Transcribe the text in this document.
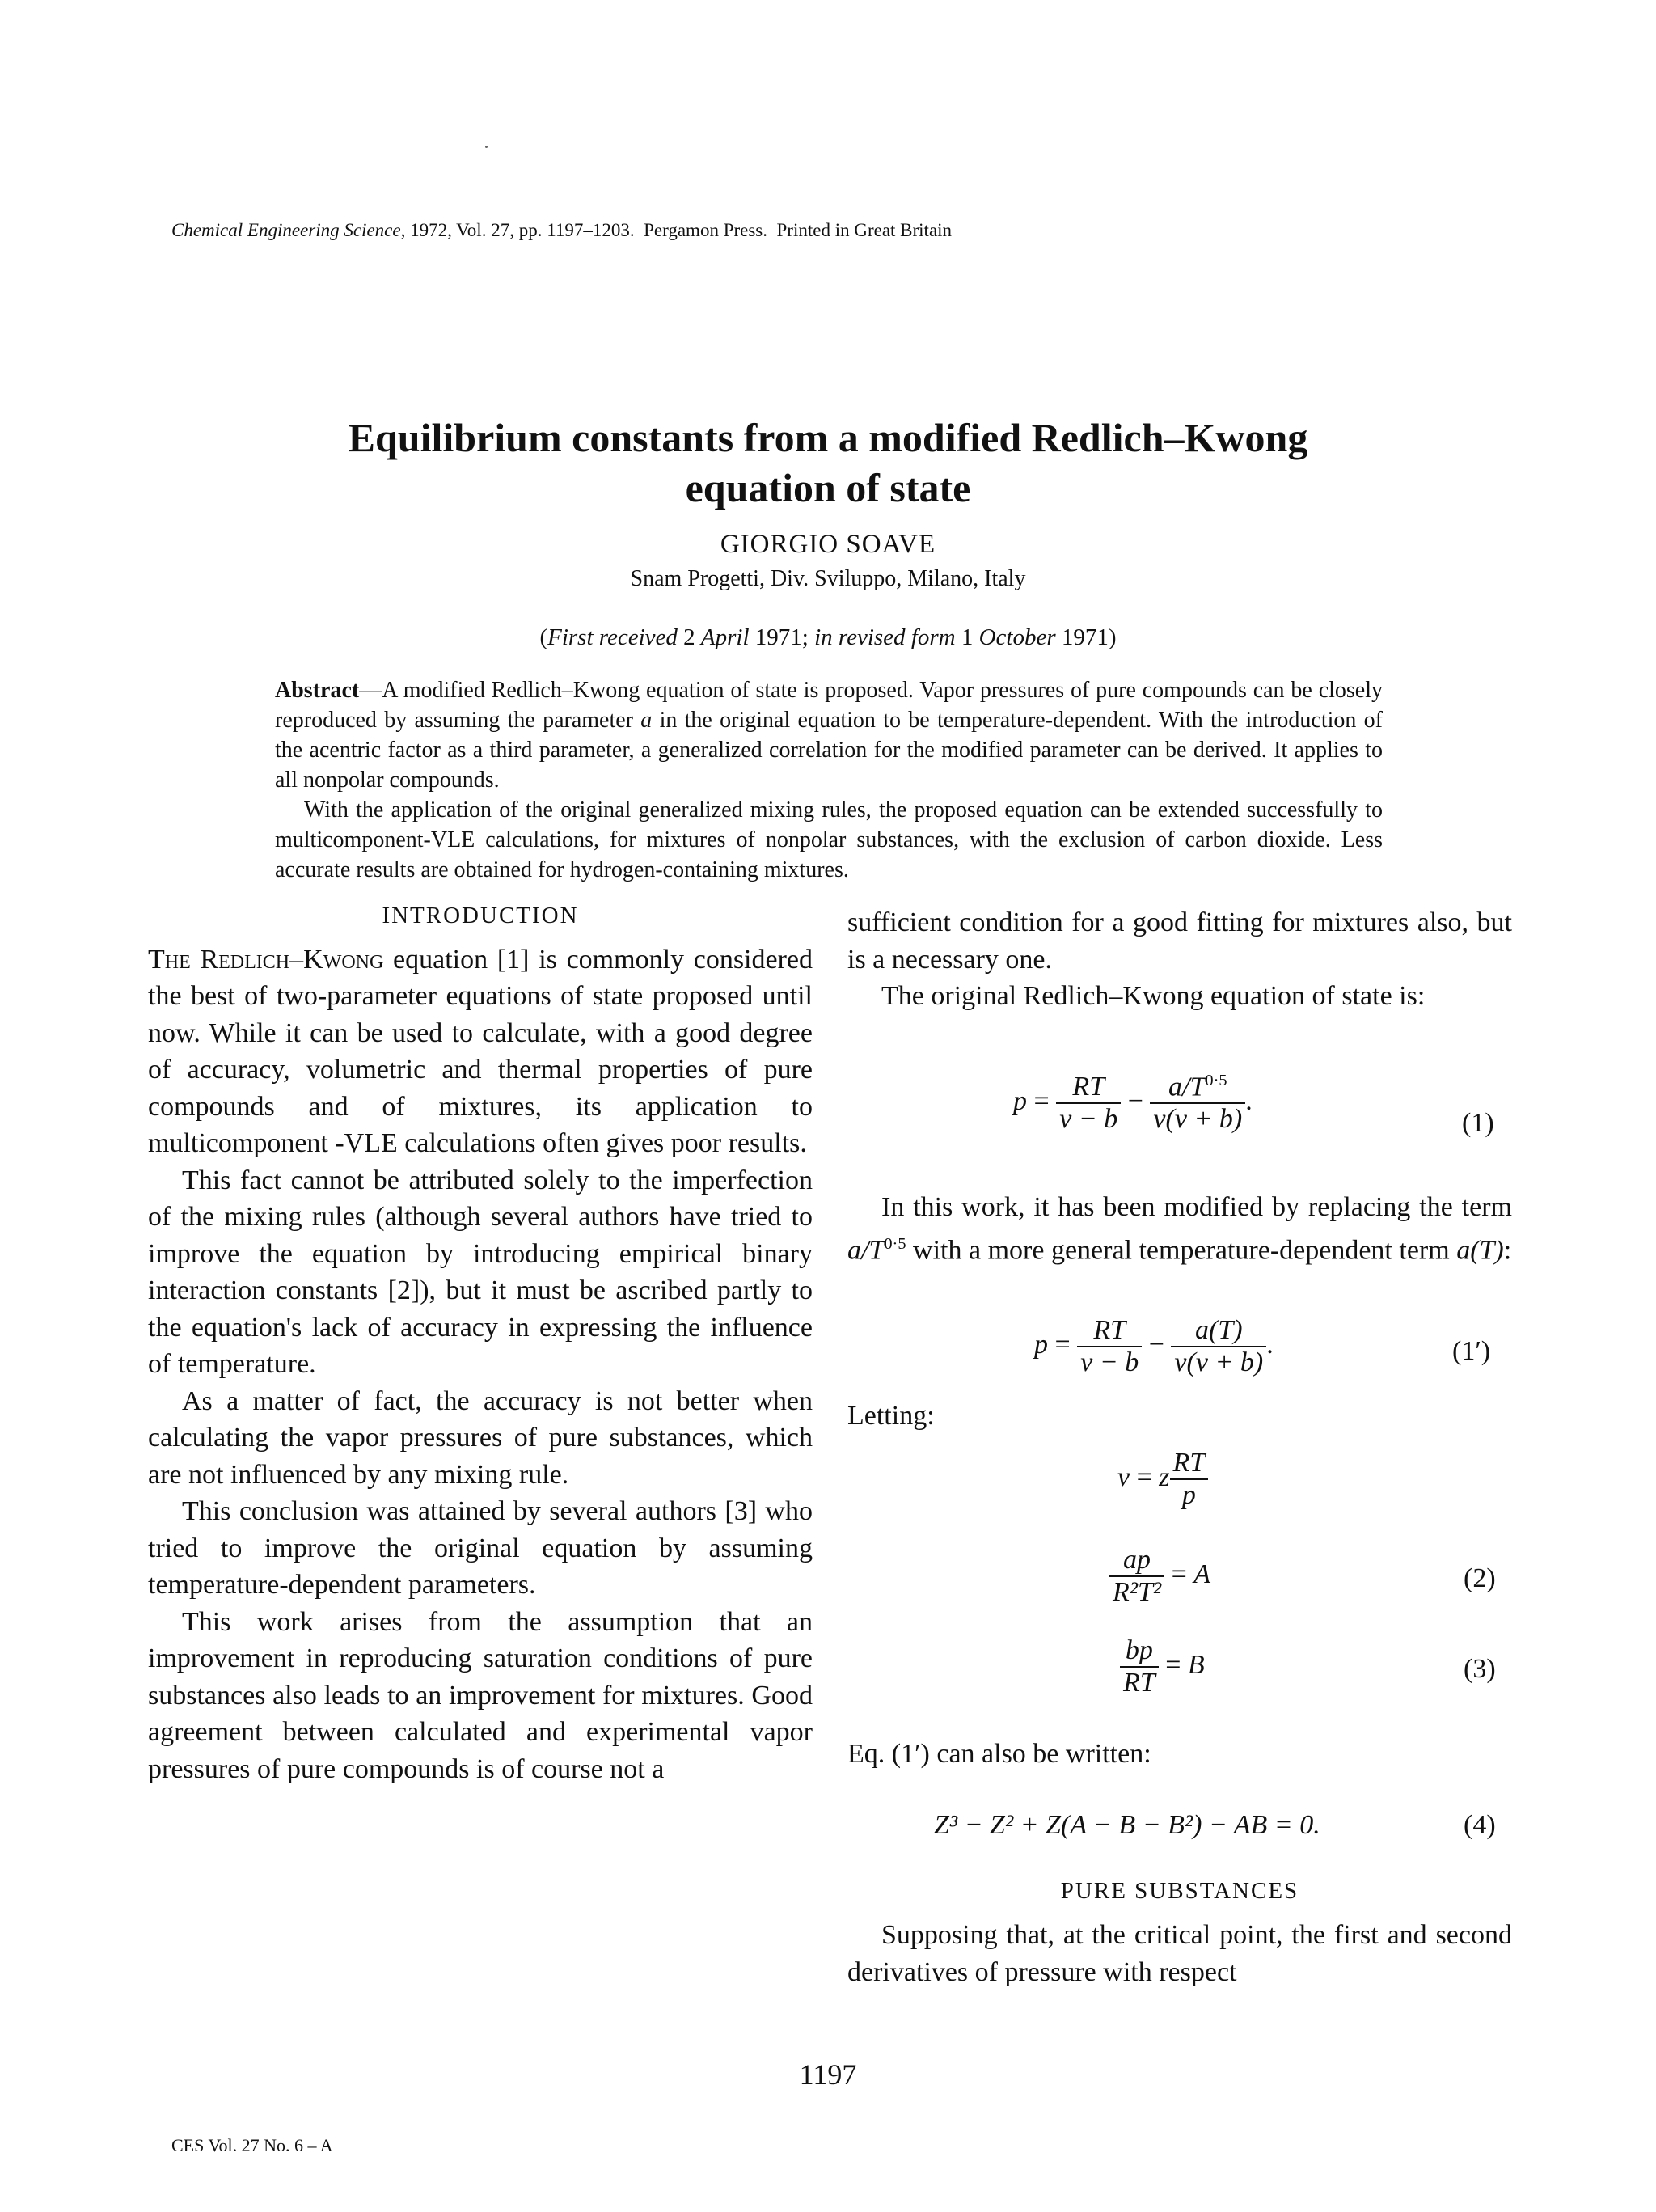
Chemical Engineering Science, 1972, Vol. 27, pp. 1197–1203. Pergamon Press. Printed in Great Britain
Equilibrium constants from a modified Redlich–Kwong
equation of state
GIORGIO SOAVE
Snam Progetti, Div. Sviluppo, Milano, Italy
(First received 2 April 1971; in revised form 1 October 1971)

Abstract—A modified Redlich–Kwong equation of state is proposed. Vapor pressures of pure compounds can be closely reproduced by assuming the parameter a in the original equation to be temperature-dependent. With the introduction of the acentric factor as a third parameter, a generalized correlation for the modified parameter can be derived. It applies to all nonpolar compounds.

With the application of the original generalized mixing rules, the proposed equation can be extended successfully to multicomponent-VLE calculations, for mixtures of nonpolar substances, with the exclusion of carbon dioxide. Less accurate results are obtained for hydrogen-containing mixtures.

INTRODUCTION

The Redlich–Kwong equation [1] is commonly considered the best of two-parameter equations of state proposed until now. While it can be used to calculate, with a good degree of accuracy, volumetric and thermal properties of pure compounds and of mixtures, its application to multicomponent -VLE calculations often gives poor results.

This fact cannot be attributed solely to the imperfection of the mixing rules (although several authors have tried to improve the equation by introducing empirical binary interaction constants [2]), but it must be ascribed partly to the equation's lack of accuracy in expressing the influence of temperature.

As a matter of fact, the accuracy is not better when calculating the vapor pressures of pure substances, which are not influenced by any mixing rule.

This conclusion was attained by several authors [3] who tried to improve the original equation by assuming temperature-dependent parameters.

This work arises from the assumption that an improvement in reproducing saturation conditions of pure substances also leads to an improvement for mixtures. Good agreement between calculated and experimental vapor pressures of pure compounds is of course not a

sufficient condition for a good fitting for mixtures also, but is a necessary one.

The original Redlich–Kwong equation of state is:

$p = \frac{RT}{v - b} - \frac{a/T^{0\cdot 5}}{v(v + b)}$ .
(1)
In this work, it has been modified by replacing the term $a/T^{0\cdot 5}$ with a more general temperature-dependent term a(T):
$p = \frac{RT}{v - b} - \frac{a(T)}{v(v + b)}$ .	(1′)
Letting:
v = z $\frac{RT}{p}$
$\frac{ap}{\text{R²T²}} = A$	(2)
$\frac{bp}{RT} = B$	(3)
Eq. (1′) can also be written:
Z³ − Z² + Z(A − B − B²) − AB = 0.	(4)
PURE SUBSTANCES
Supposing that, at the critical point, the first and second derivatives of pressure with respect
1197
CES Vol. 27 No. 6 – A
